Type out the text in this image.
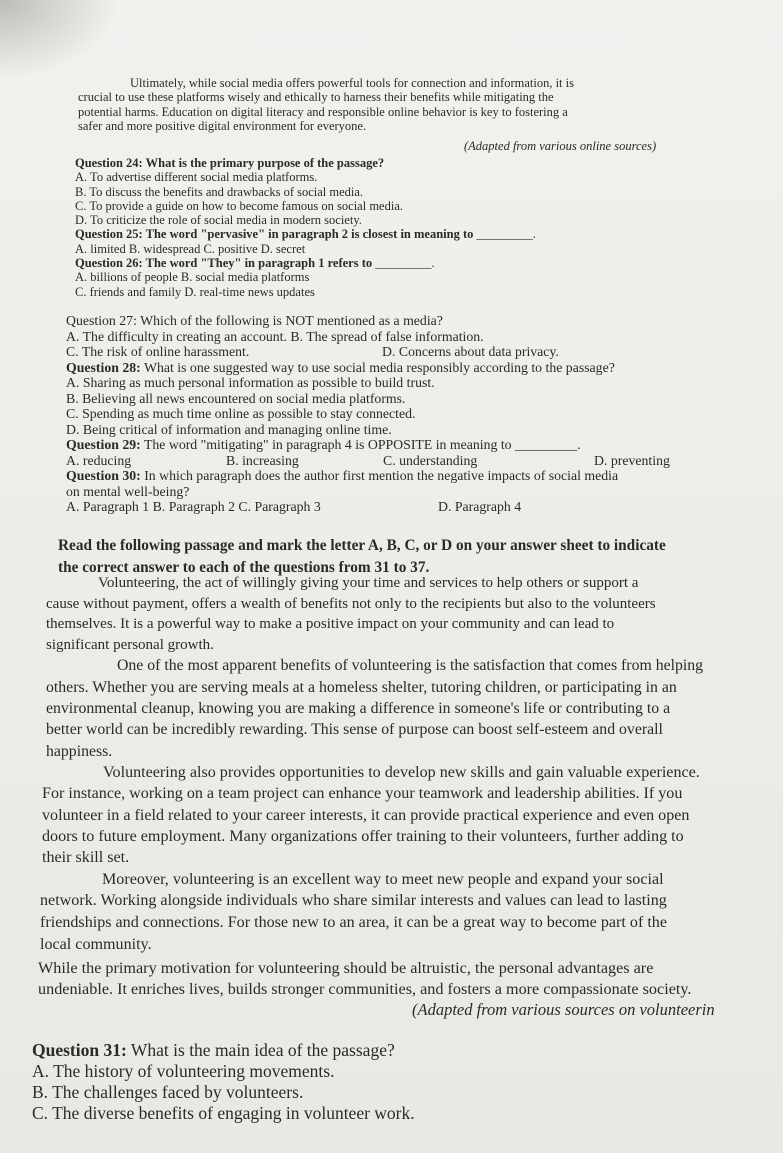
Ultimately, while social media offers powerful tools for connection and information, it is
crucial to use these platforms wisely and ethically to harness their benefits while mitigating the
potential harms. Education on digital literacy and responsible online behavior is key to fostering a
safer and more positive digital environment for everyone.
(Adapted from various online sources)
Question 24: What is the primary purpose of the passage?
A. To advertise different social media platforms.
B. To discuss the benefits and drawbacks of social media.
C. To provide a guide on how to become famous on social media.
D. To criticize the role of social media in modern society.
Question 25: The word "pervasive" in paragraph 2 is closest in meaning to _________.
A. limited B. widespread C. positive D. secret
Question 26: The word "They" in paragraph 1 refers to _________.
A. billions of people B. social media platforms
C. friends and family D. real-time news updates
Question 27: Which of the following is NOT mentioned as a media?
A. The difficulty in creating an account. B. The spread of false information.
C. The risk of online harassment.	D. Concerns about data privacy.
Question 28: What is one suggested way to use social media responsibly according to the passage?
A. Sharing as much personal information as possible to build trust.
B. Believing all news encountered on social media platforms.
C. Spending as much time online as possible to stay connected.
D. Being critical of information and managing online time.
Question 29: The word "mitigating" in paragraph 4 is OPPOSITE in meaning to _________.
A. reducing	B. increasing	C. understanding	D. preventing
Question 30: In which paragraph does the author first mention the negative impacts of social media
on mental well-being?
A. Paragraph 1 B. Paragraph 2 C. Paragraph 3	D. Paragraph 4
Read the following passage and mark the letter A, B, C, or D on your answer sheet to indicate
the correct answer to each of the questions from 31 to 37.
Volunteering, the act of willingly giving your time and services to help others or support a
cause without payment, offers a wealth of benefits not only to the recipients but also to the volunteers
themselves. It is a powerful way to make a positive impact on your community and can lead to
significant personal growth.
One of the most apparent benefits of volunteering is the satisfaction that comes from helping
others. Whether you are serving meals at a homeless shelter, tutoring children, or participating in an
environmental cleanup, knowing you are making a difference in someone's life or contributing to a
better world can be incredibly rewarding. This sense of purpose can boost self-esteem and overall
happiness.
Volunteering also provides opportunities to develop new skills and gain valuable experience.
For instance, working on a team project can enhance your teamwork and leadership abilities. If you
volunteer in a field related to your career interests, it can provide practical experience and even open
doors to future employment. Many organizations offer training to their volunteers, further adding to
their skill set.
Moreover, volunteering is an excellent way to meet new people and expand your social
network. Working alongside individuals who share similar interests and values can lead to lasting
friendships and connections. For those new to an area, it can be a great way to become part of the
local community.
While the primary motivation for volunteering should be altruistic, the personal advantages are
undeniable. It enriches lives, builds stronger communities, and fosters a more compassionate society.
(Adapted from various sources on volunteerin
Question 31: What is the main idea of the passage?
A. The history of volunteering movements.
B. The challenges faced by volunteers.
C. The diverse benefits of engaging in volunteer work.
